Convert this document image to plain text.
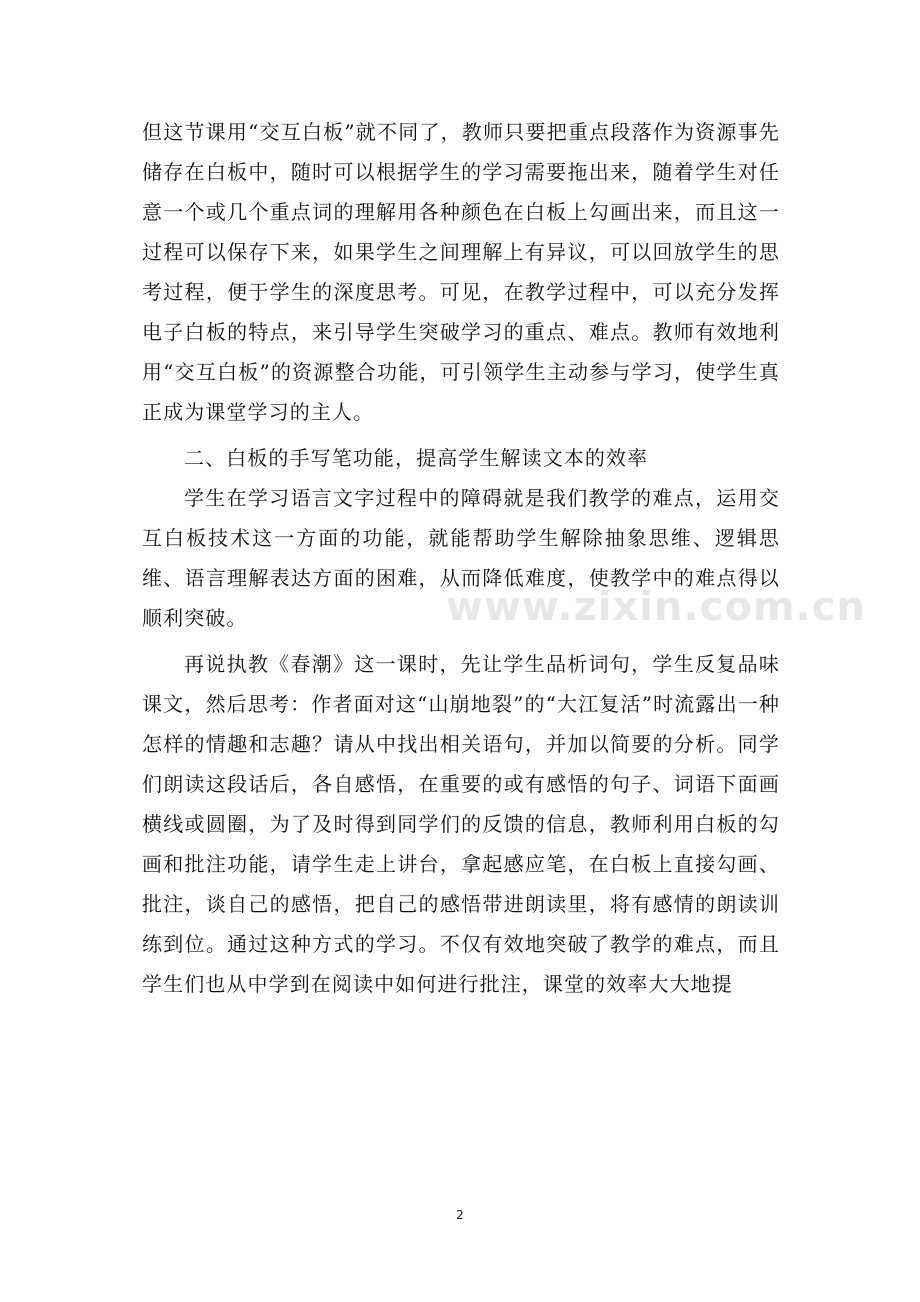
但这节课用“交互白板”就不同了，教师只要把重点段落作为资源事先储存在白板中，随时可以根据学生的学习需要拖出来，随着学生对任意一个或几个重点词的理解用各种颜色在白板上勾画出来，而且这一过程可以保存下来，如果学生之间理解上有异议，可以回放学生的思考过程，便于学生的深度思考。可见，在教学过程中，可以充分发挥电子白板的特点，来引导学生突破学习的重点、难点。教师有效地利用“交互白板”的资源整合功能，可引领学生主动参与学习，使学生真正成为课堂学习的主人。

二、白板的手写笔功能，提高学生解读文本的效率

学生在学习语言文字过程中的障碍就是我们教学的难点，运用交互白板技术这一方面的功能，就能帮助学生解除抽象思维、逻辑思维、语言理解表达方面的困难，从而降低难度，使教学中的难点得以顺利突破。

再说执教《春潮》这一课时，先让学生品析词句，学生反复品味课文，然后思考：作者面对这“山崩地裂”的“大江复活”时流露出一种怎样的情趣和志趣？请从中找出相关语句，并加以简要的分析。同学们朗读这段话后，各自感悟，在重要的或有感悟的句子、词语下面画横线或圆圈，为了及时得到同学们的反馈的信息，教师利用白板的勾画和批注功能，请学生走上讲台，拿起感应笔，在白板上直接勾画、批注，谈自己的感悟，把自己的感悟带进朗读里，将有感情的朗读训练到位。通过这种方式的学习。不仅有效地突破了教学的难点，而且学生们也从中学到在阅读中如何进行批注，课堂的效率大大地提

www.zixin.com.cn
2
